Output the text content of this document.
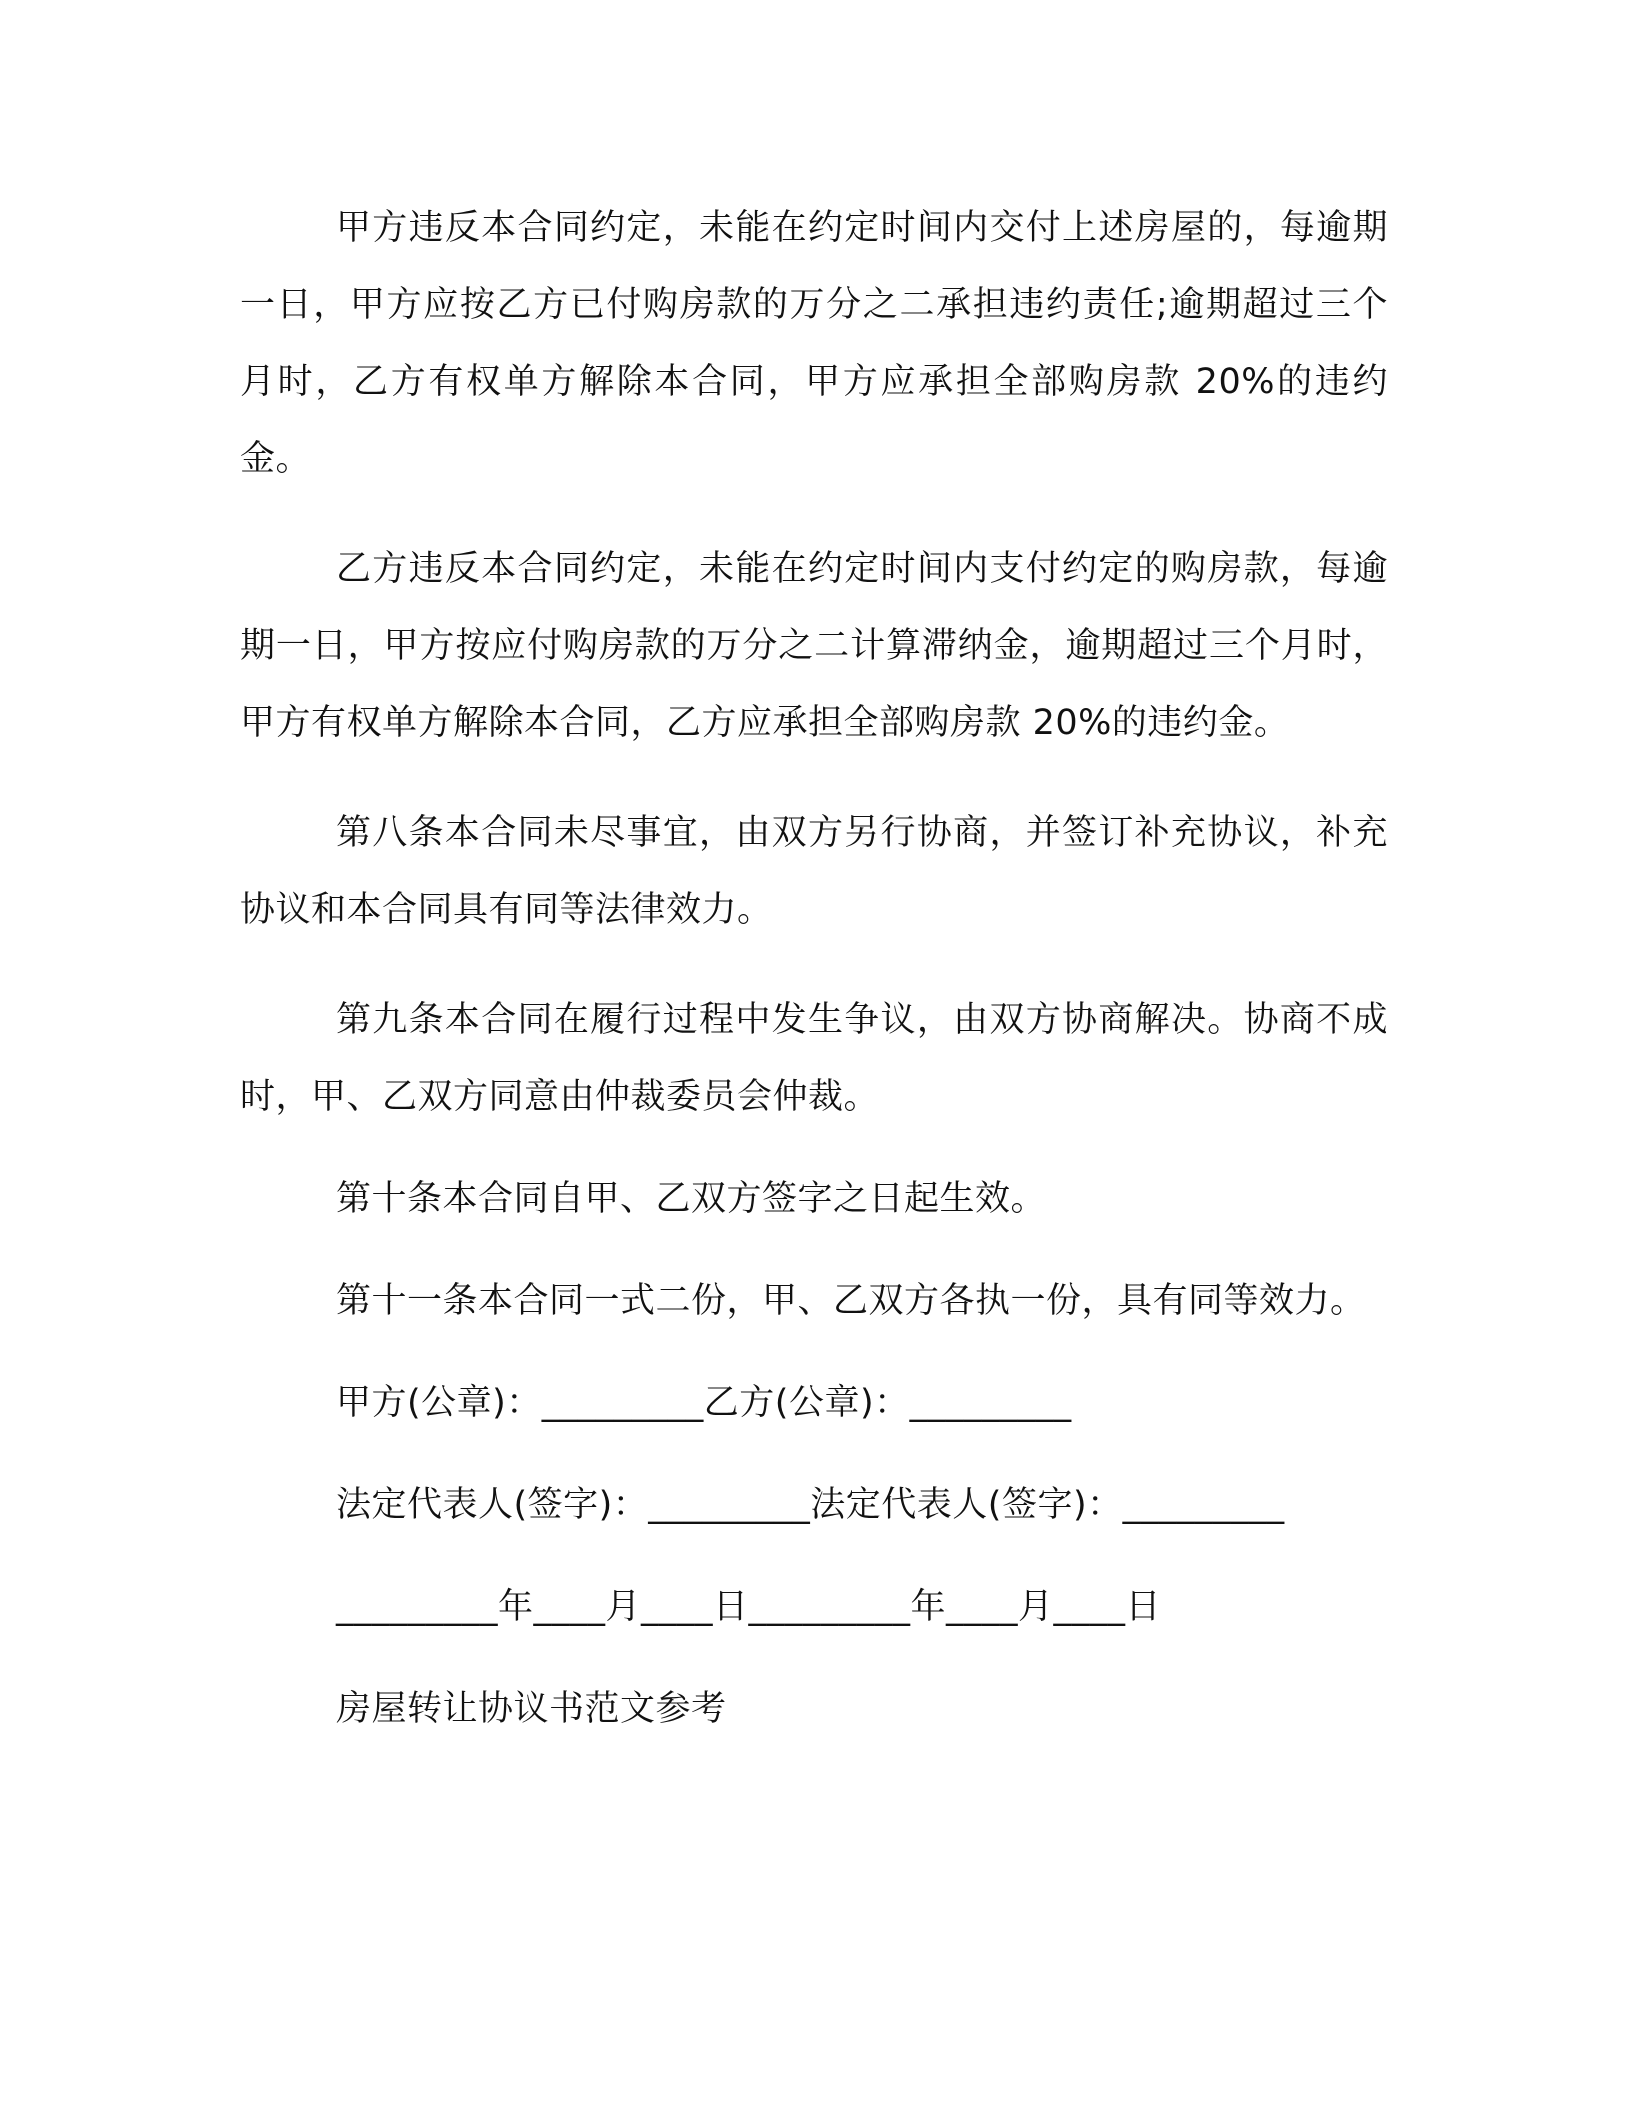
甲方违反本合同约定，未能在约定时间内交付上述房屋的，每逾期一日，甲方应按乙方已付购房款的万分之二承担违约责任;逾期超过三个月时，乙方有权单方解除本合同，甲方应承担全部购房款 20%的违约金。

乙方违反本合同约定，未能在约定时间内支付约定的购房款，每逾期一日，甲方按应付购房款的万分之二计算滞纳金，逾期超过三个月时，甲方有权单方解除本合同，乙方应承担全部购房款 20%的违约金。

第八条本合同未尽事宜，由双方另行协商，并签订补充协议，补充协议和本合同具有同等法律效力。

第九条本合同在履行过程中发生争议，由双方协商解决。协商不成时，甲、乙双方同意由仲裁委员会仲裁。

第十条本合同自甲、乙双方签字之日起生效。

第十一条本合同一式二份，甲、乙双方各执一份，具有同等效力。

甲方(公章)：_________乙方(公章)：_________

法定代表人(签字)：_________法定代表人(签字)：_________

_________年____月____日_________年____月____日

房屋转让协议书范文参考
